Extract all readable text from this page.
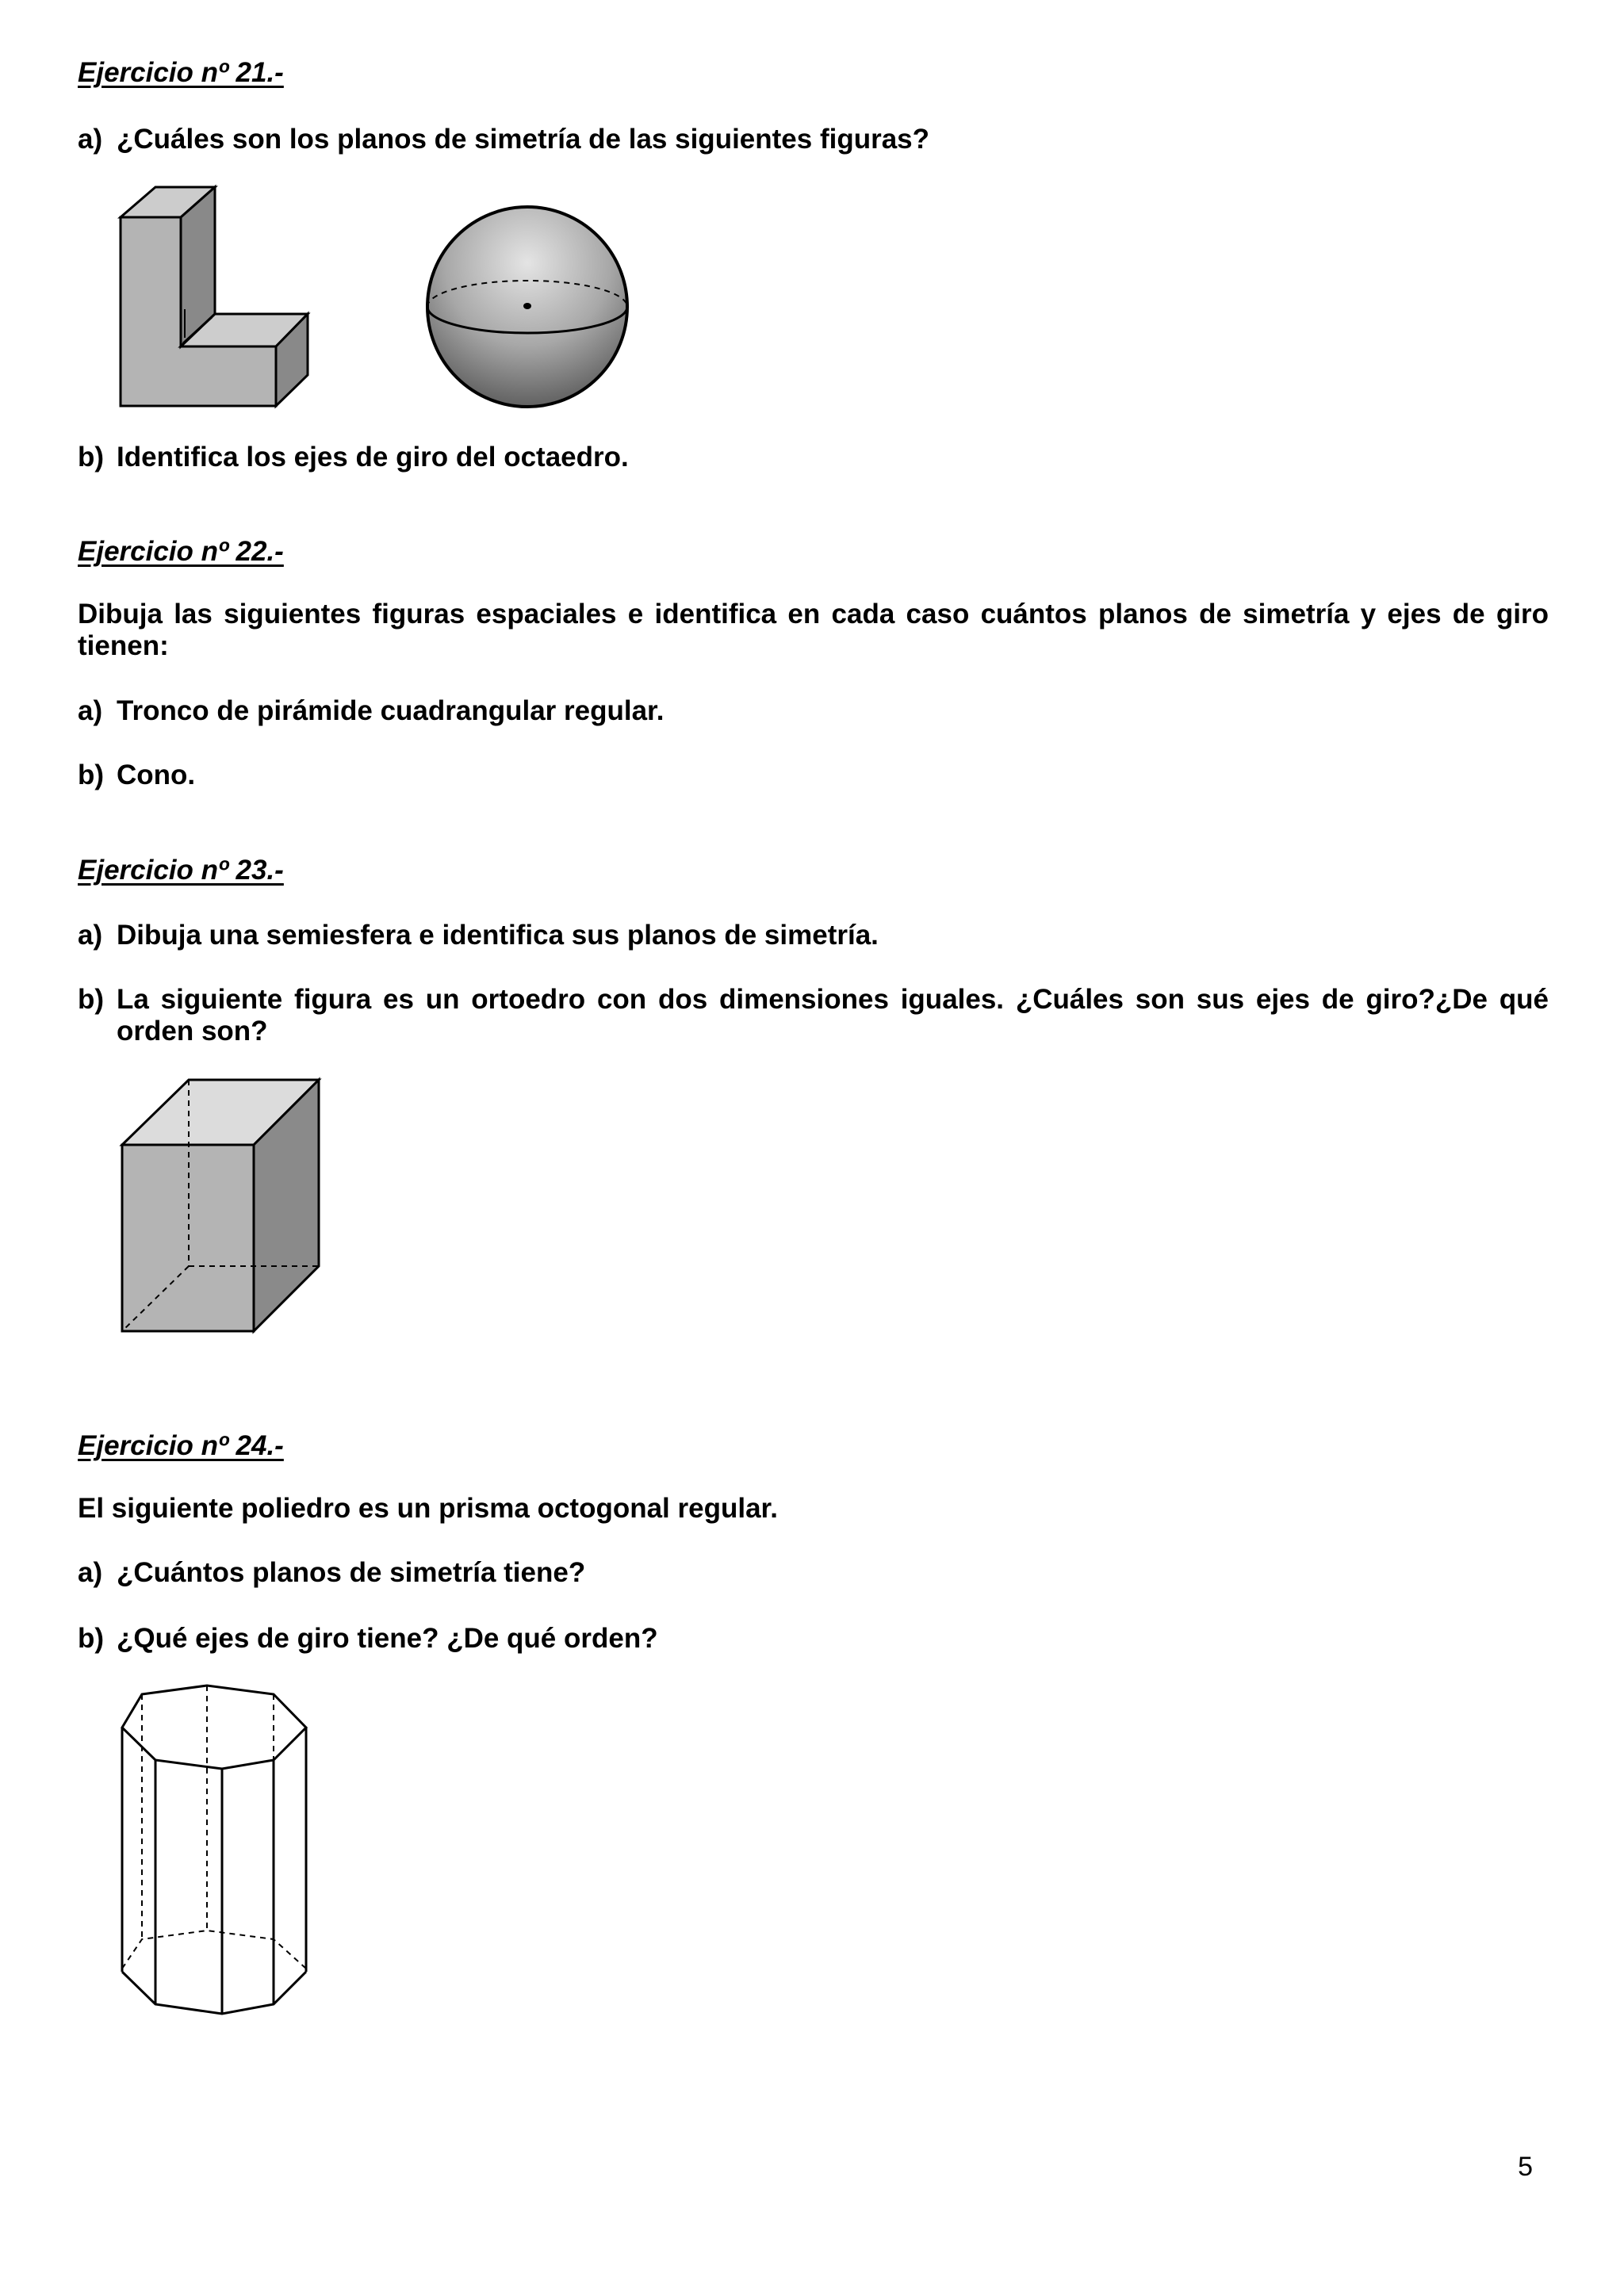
Ejercicio nº 21.-

a) ¿Cuáles son los planos de simetría de las siguientes figuras?
b) Identifica los ejes de giro del octaedro.

Ejercicio nº 22.-

Dibuja las siguientes figuras espaciales e identifica en cada caso cuántos planos de simetría y ejes de giro tienen:

a) Tronco de pirámide cuadrangular regular.
b) Cono.

Ejercicio nº 23.-

a) Dibuja una semiesfera e identifica sus planos de simetría.
b) La siguiente figura es un ortoedro con dos dimensiones iguales. ¿Cuáles son sus ejes de giro?¿De qué orden son?

Ejercicio nº 24.-

El siguiente poliedro es un prisma octogonal regular.

a) ¿Cuántos planos de simetría tiene?
b) ¿Qué ejes de giro tiene? ¿De qué orden?

5
